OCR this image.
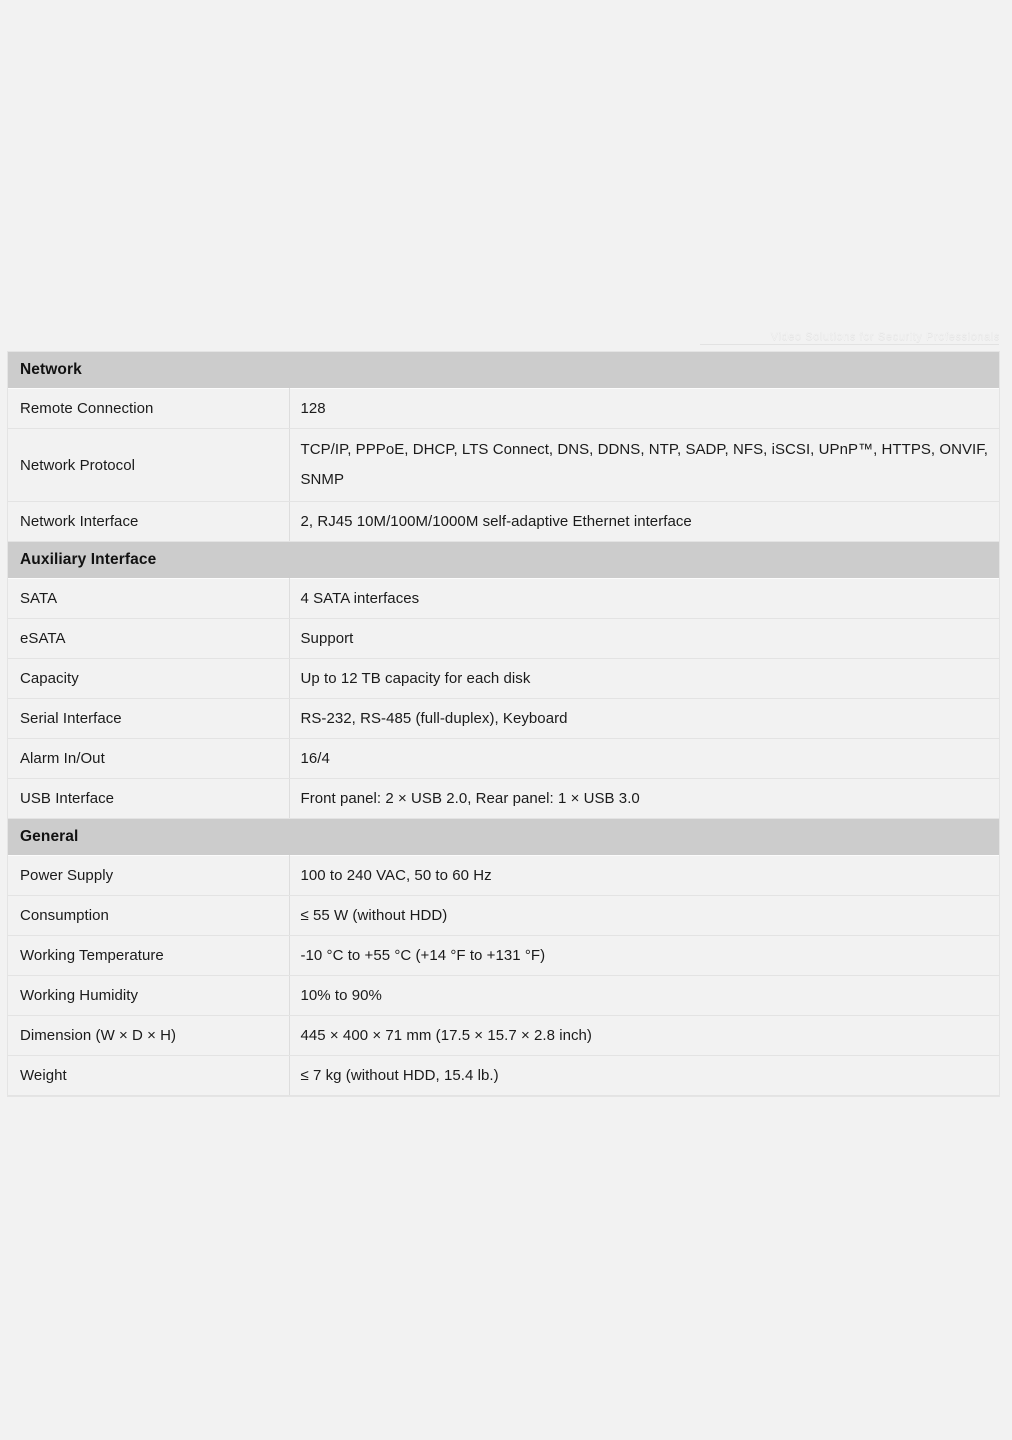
Video Solutions for Security Professionals
Network	
Remote Connection	128
Network Protocol	TCP/IP, PPPoE, DHCP, LTS Connect, DNS, DDNS, NTP, SADP, NFS, iSCSI, UPnP™, HTTPS, ONVIF, SNMP
Network Interface	2, RJ45 10M/100M/1000M self-adaptive Ethernet interface
Auxiliary Interface	
SATA	4 SATA interfaces
eSATA	Support
Capacity	Up to 12 TB capacity for each disk
Serial Interface	RS-232, RS-485 (full-duplex), Keyboard
Alarm In/Out	16/4
USB Interface	Front panel: 2 × USB 2.0, Rear panel: 1 × USB 3.0
General	
Power Supply	100 to 240 VAC, 50 to 60 Hz
Consumption	≤ 55 W (without HDD)
Working Temperature	-10 °C to +55 °C (+14 °F to +131 °F)
Working Humidity	10% to 90%
Dimension (W × D × H)	445 × 400 × 71 mm (17.5 × 15.7 × 2.8 inch)
Weight	≤ 7 kg (without HDD, 15.4 lb.)
